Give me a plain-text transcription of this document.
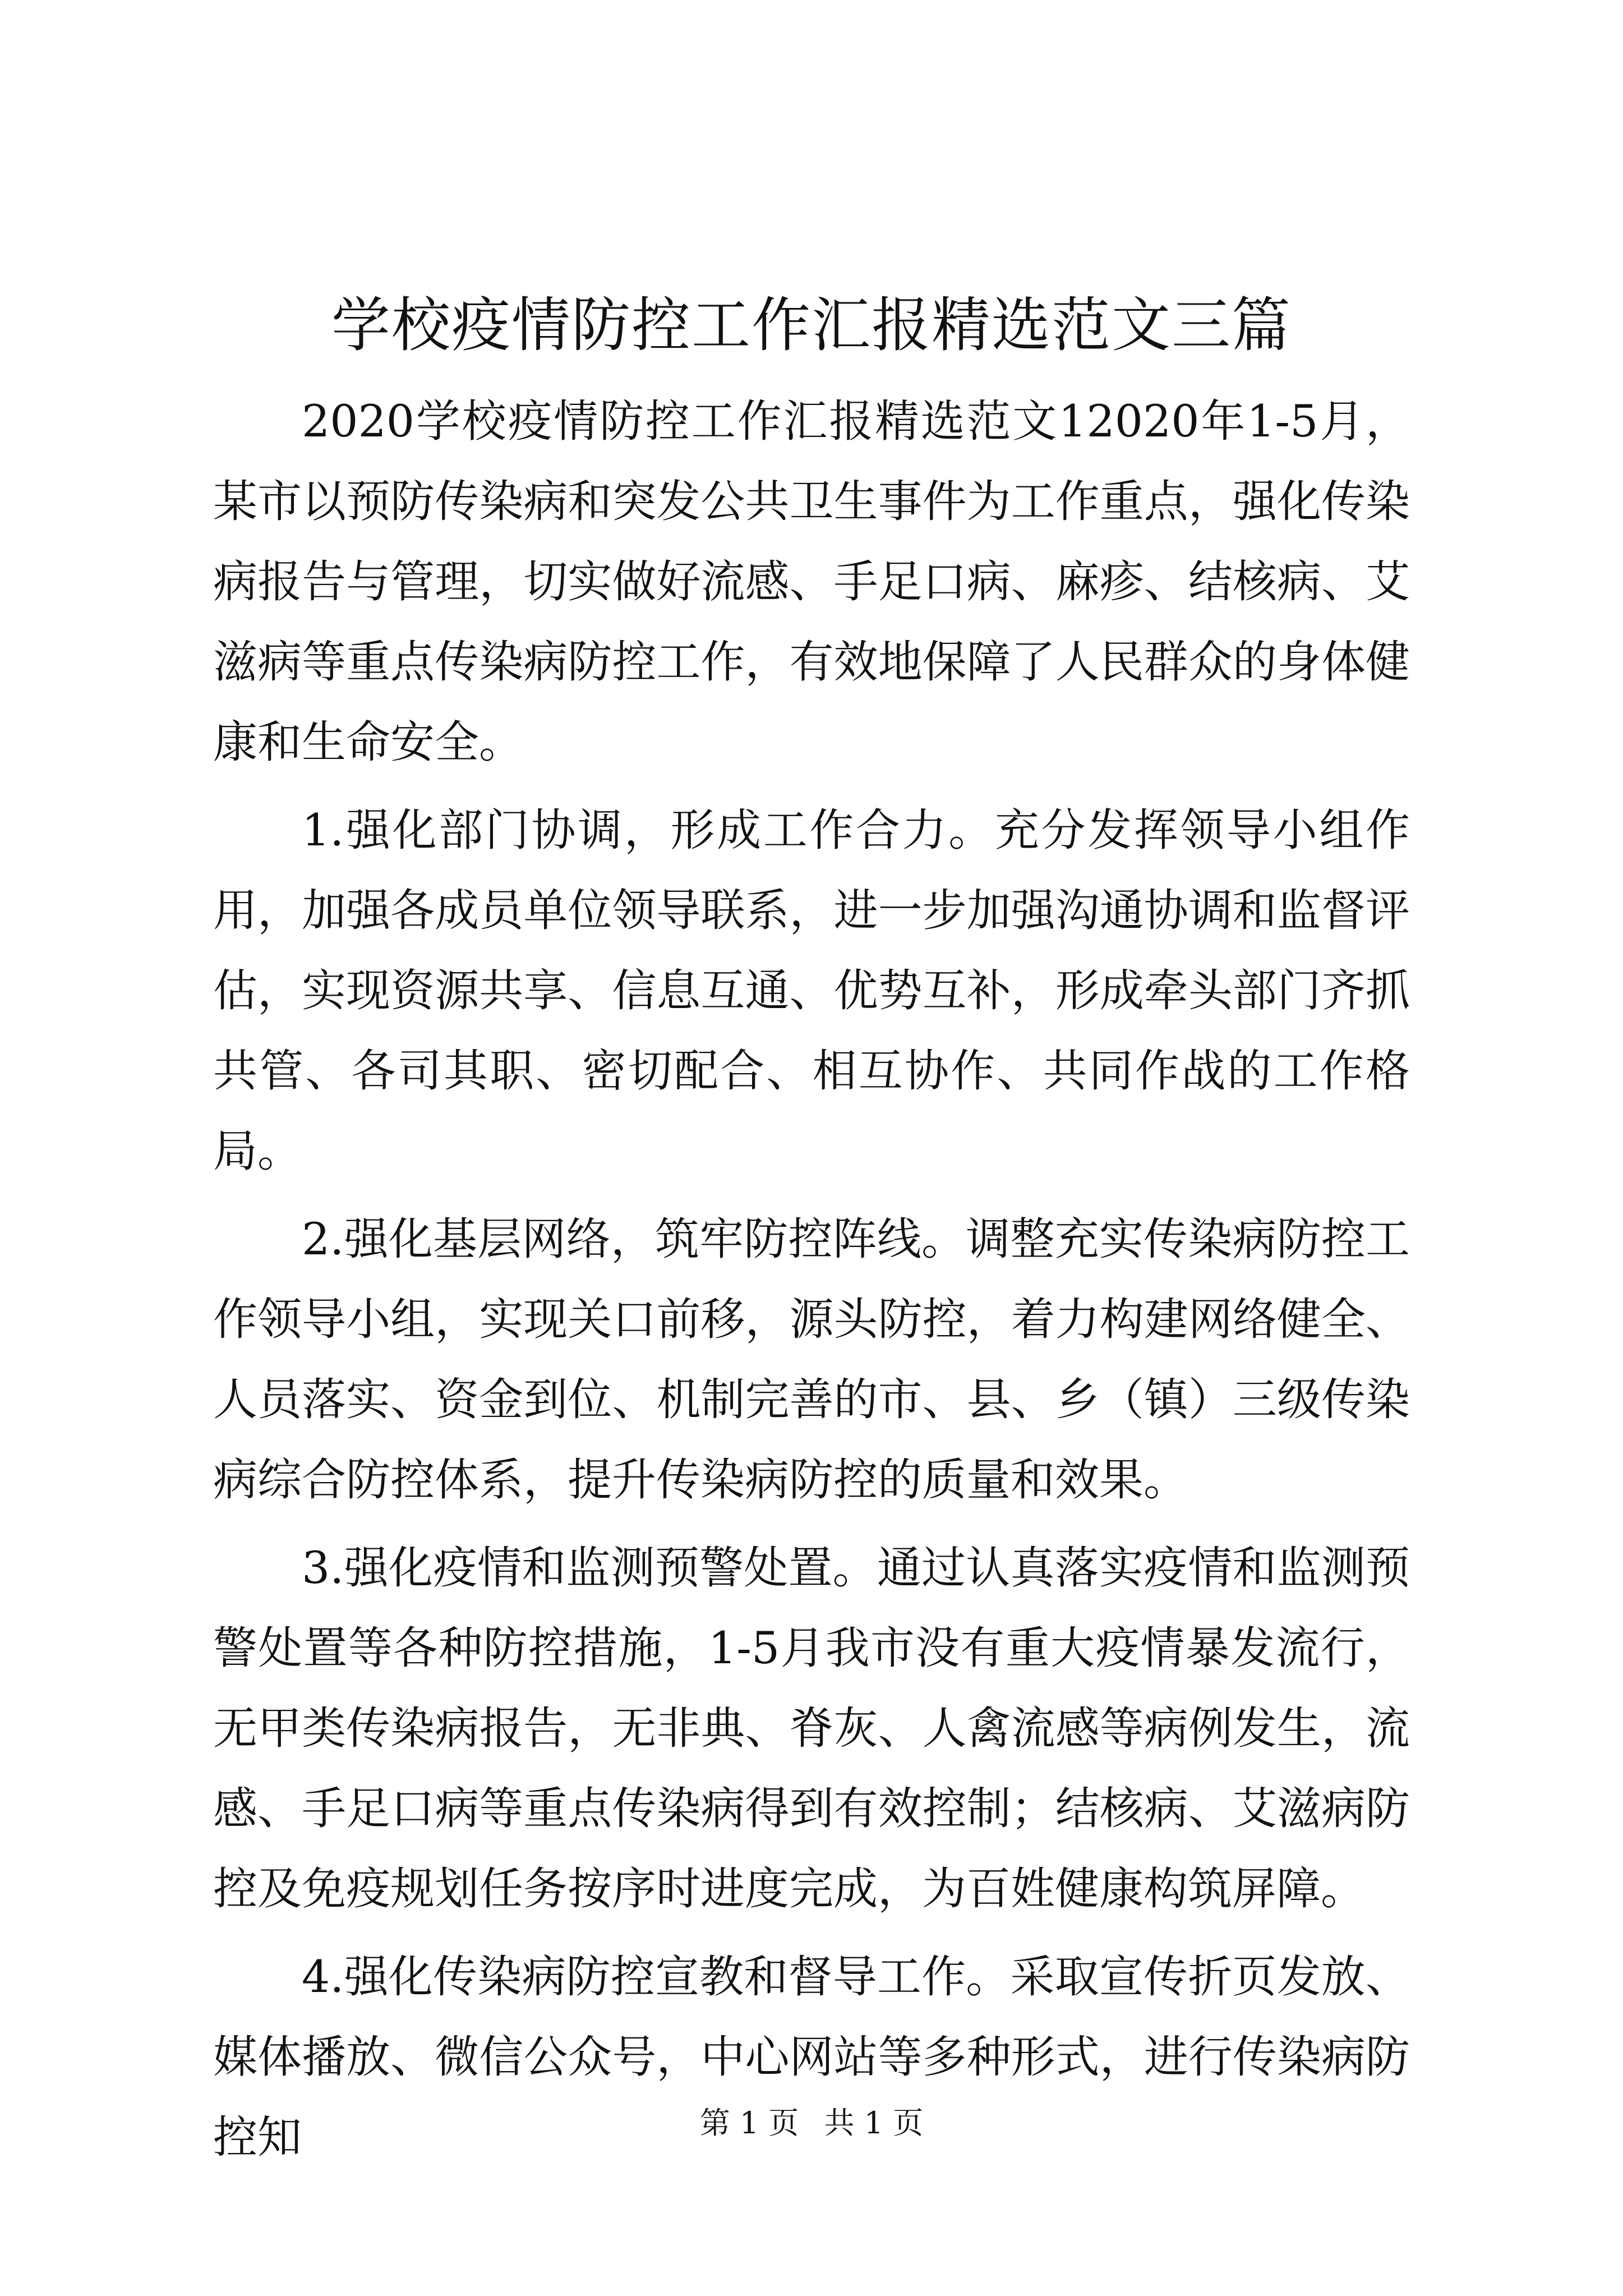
学校疫情防控工作汇报精选范文三篇

2020学校疫情防控工作汇报精选范文12020年1-5月，某市以预防传染病和突发公共卫生事件为工作重点，强化传染病报告与管理，切实做好流感、手足口病、麻疹、结核病、艾滋病等重点传染病防控工作，有效地保障了人民群众的身体健康和生命安全。

1.强化部门协调，形成工作合力。充分发挥领导小组作用，加强各成员单位领导联系，进一步加强沟通协调和监督评估，实现资源共享、信息互通、优势互补，形成牵头部门齐抓共管、各司其职、密切配合、相互协作、共同作战的工作格局。

2.强化基层网络，筑牢防控阵线。调整充实传染病防控工作领导小组，实现关口前移，源头防控，着力构建网络健全、人员落实、资金到位、机制完善的市、县、乡（镇）三级传染病综合防控体系，提升传染病防控的质量和效果。

3.强化疫情和监测预警处置。通过认真落实疫情和监测预警处置等各种防控措施，1-5月我市没有重大疫情暴发流行，无甲类传染病报告，无非典、脊灰、人禽流感等病例发生，流感、手足口病等重点传染病得到有效控制；结核病、艾滋病防控及免疫规划任务按序时进度完成，为百姓健康构筑屏障。

4.强化传染病防控宣教和督导工作。采取宣传折页发放、媒体播放、微信公众号，中心网站等多种形式，进行传染病防控知	第 1 页 共 1 页
